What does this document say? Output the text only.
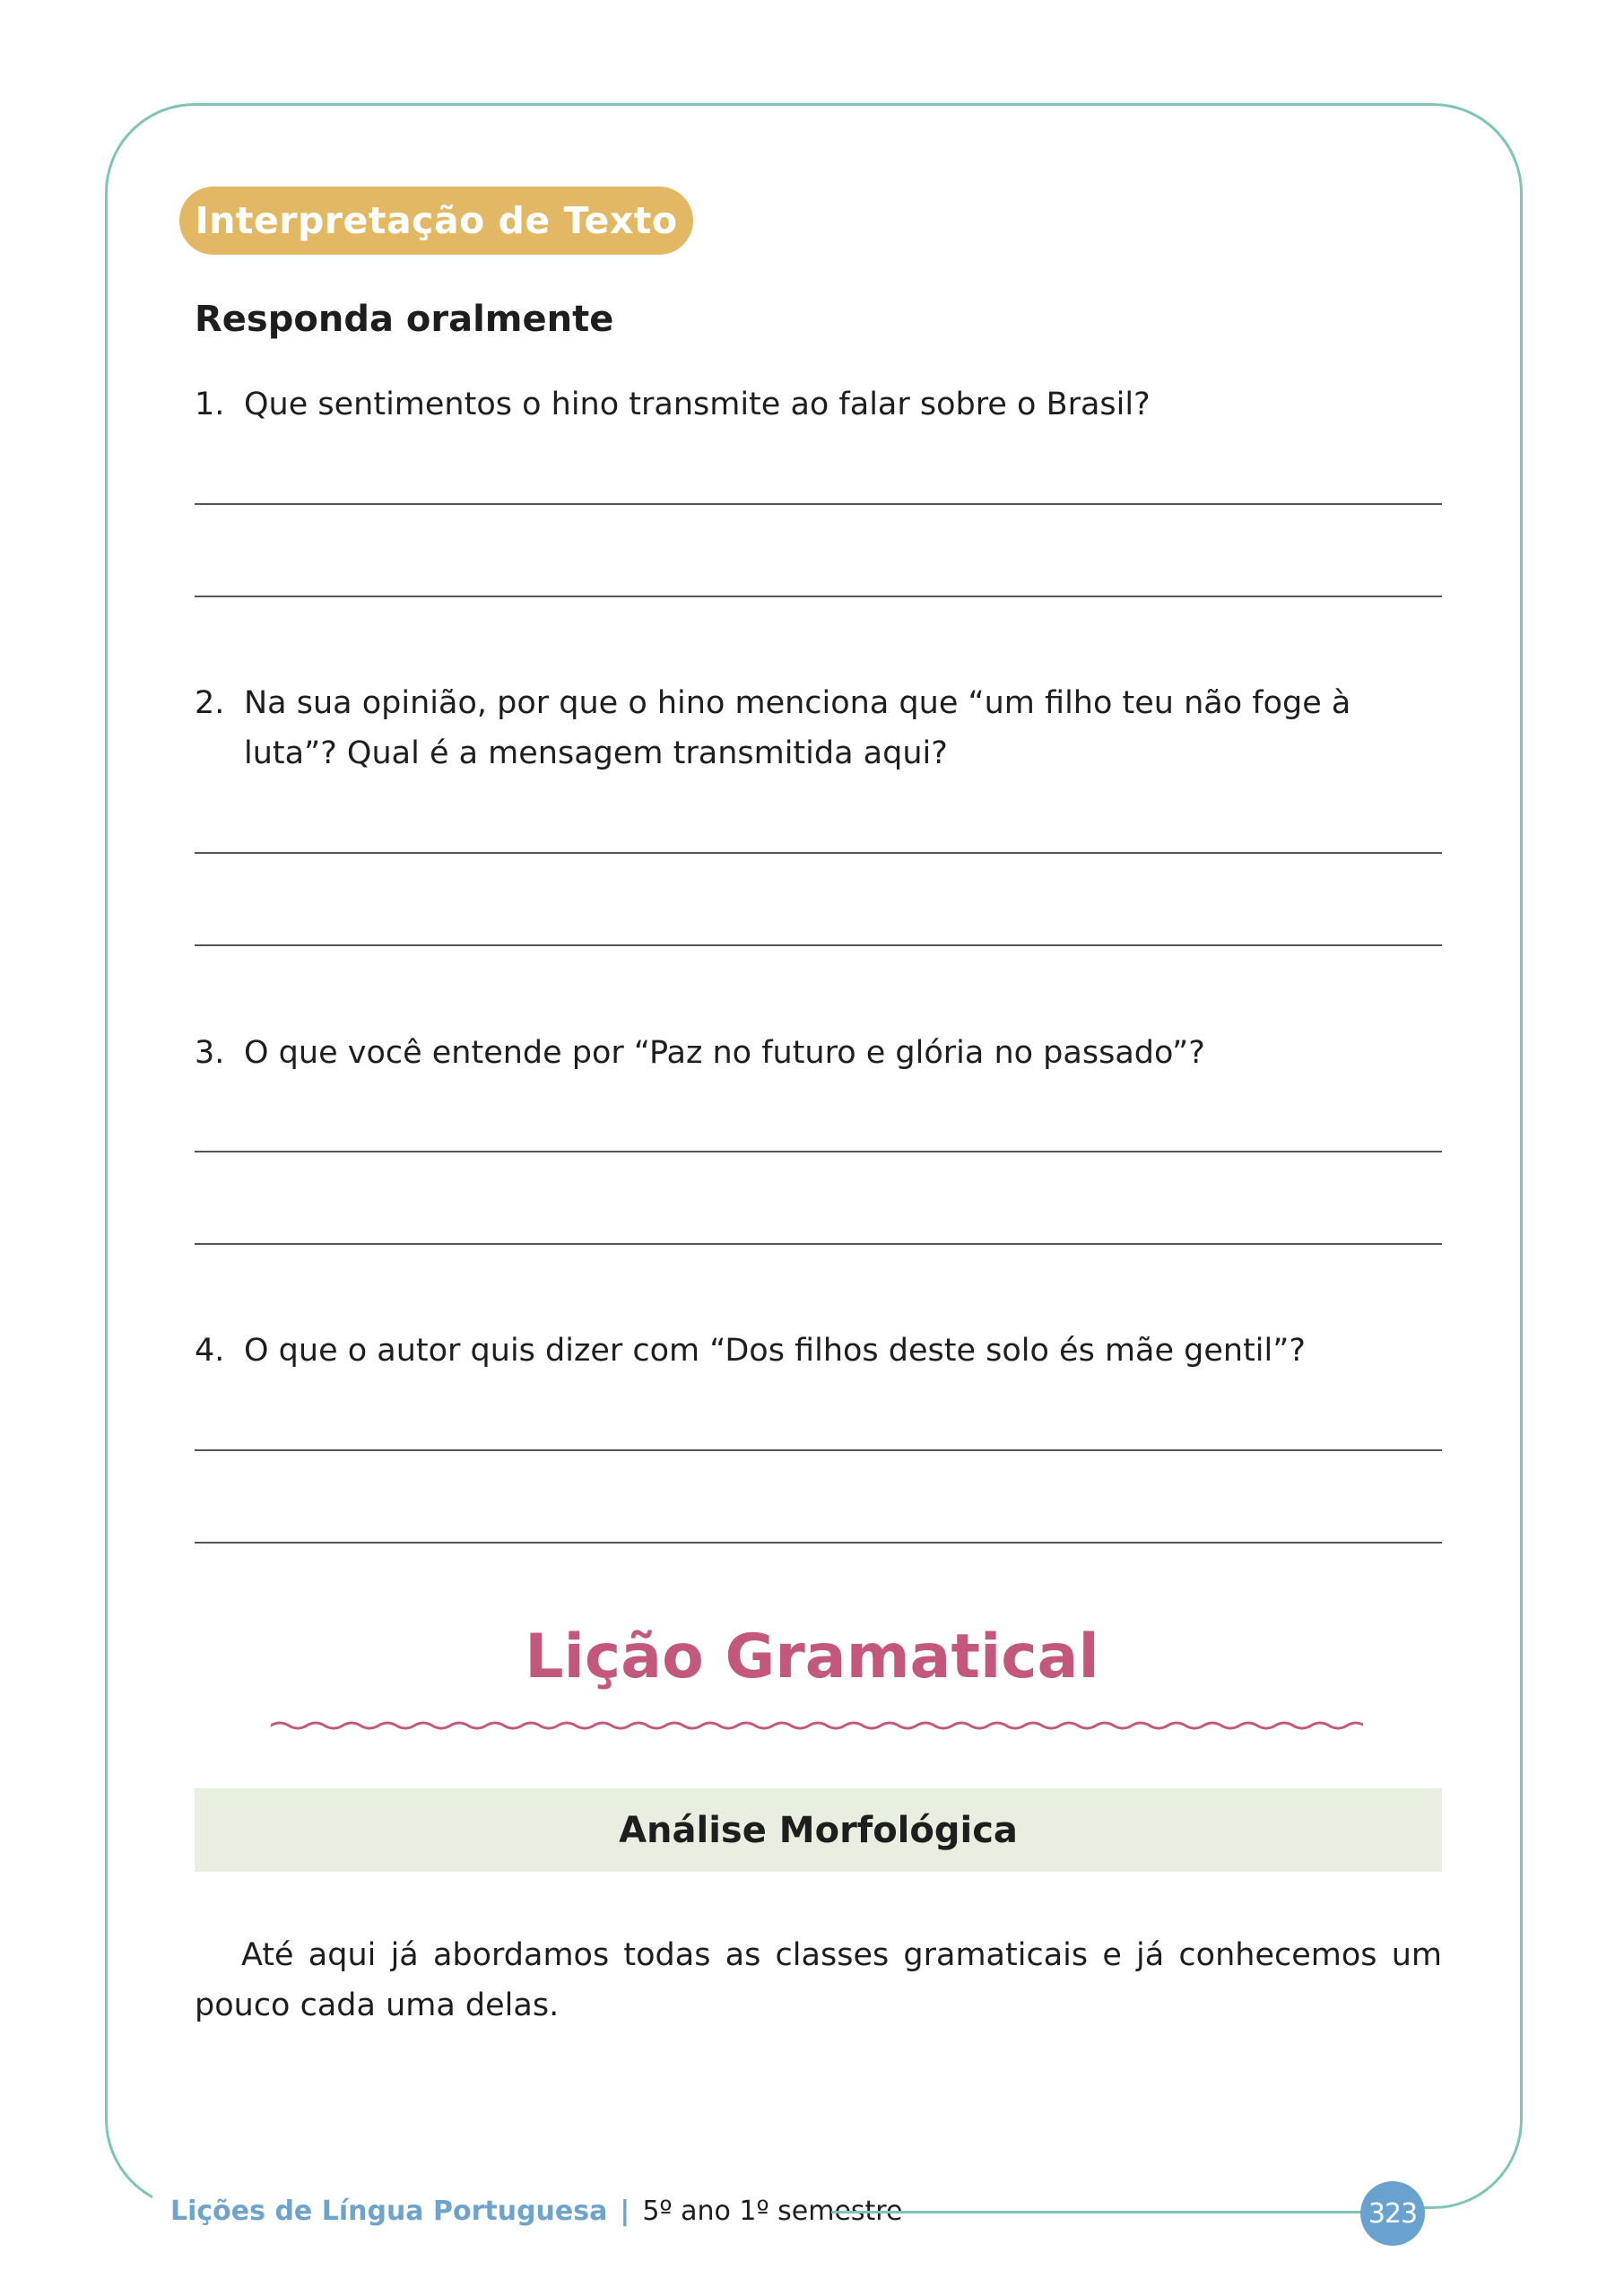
Interpretação de Texto
Responda oralmente
1. Que sentimentos o hino transmite ao falar sobre o Brasil?
2. Na sua opinião, por que o hino menciona que “um filho teu não foge à luta”? Qual é a mensagem transmitida aqui?
3. O que você entende por “Paz no futuro e glória no passado”?
4. O que o autor quis dizer com “Dos filhos deste solo és mãe gentil”?
Lição Gramatical
Análise Morfológica
Até aqui já abordamos todas as classes gramaticais e já conhecemos um pouco cada uma delas.
Lições de Língua Portuguesa | 5º ano 1º semestre	323
